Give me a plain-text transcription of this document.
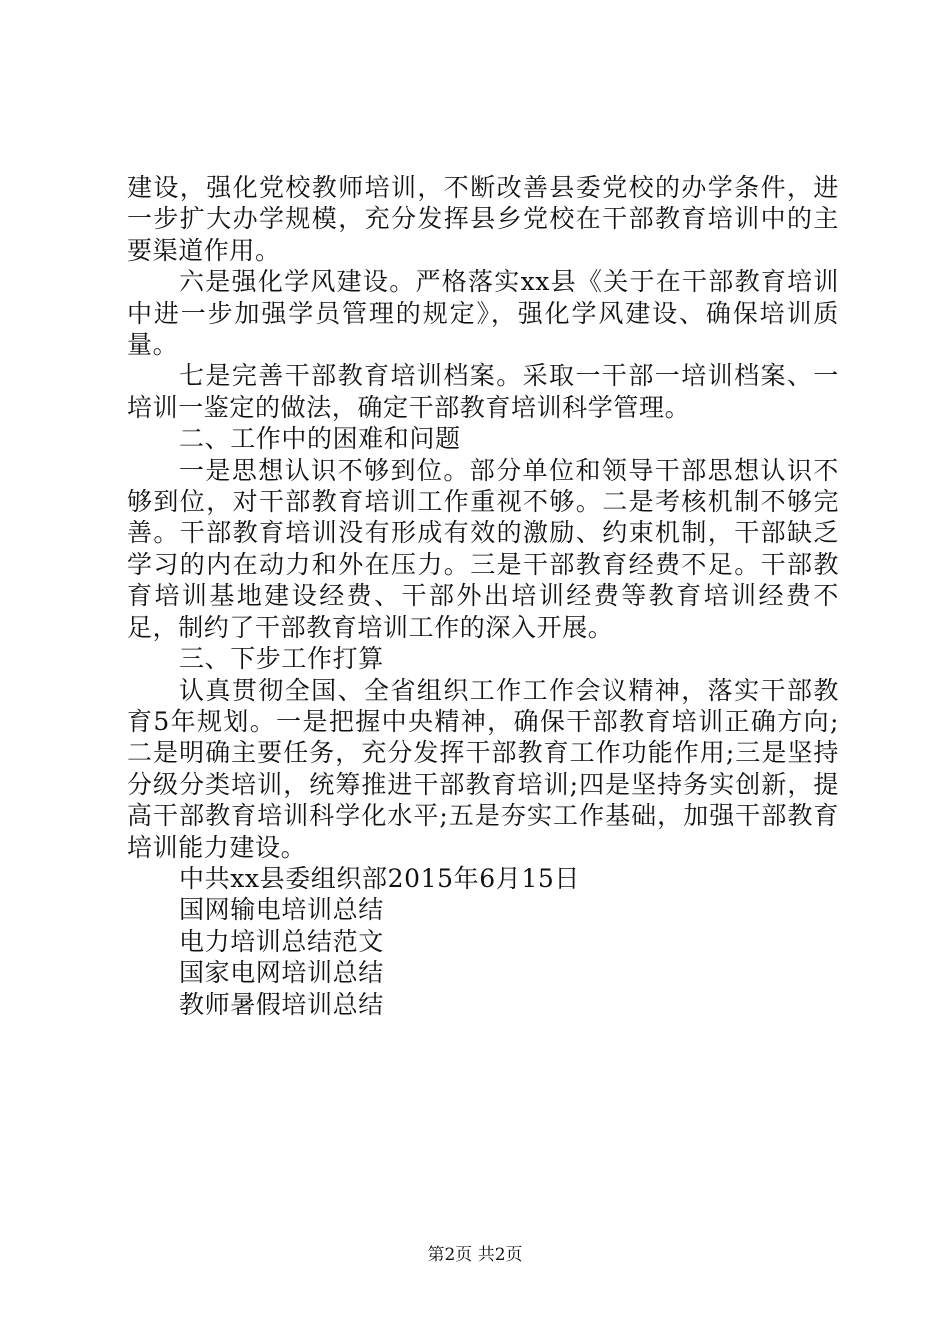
建设，强化党校教师培训，不断改善县委党校的办学条件，进一步扩大办学规模，充分发挥县乡党校在干部教育培训中的主要渠道作用。

六是强化学风建设。严格落实xx县《关于在干部教育培训中进一步加强学员管理的规定》，强化学风建设、确保培训质量。

七是完善干部教育培训档案。采取一干部一培训档案、一培训一鉴定的做法，确定干部教育培训科学管理。

二、工作中的困难和问题

一是思想认识不够到位。部分单位和领导干部思想认识不够到位，对干部教育培训工作重视不够。二是考核机制不够完善。干部教育培训没有形成有效的激励、约束机制，干部缺乏学习的内在动力和外在压力。三是干部教育经费不足。干部教育培训基地建设经费、干部外出培训经费等教育培训经费不足，制约了干部教育培训工作的深入开展。

三、下步工作打算

认真贯彻全国、全省组织工作工作会议精神，落实干部教育5年规划。一是把握中央精神，确保干部教育培训正确方向;二是明确主要任务，充分发挥干部教育工作功能作用;三是坚持分级分类培训，统筹推进干部教育培训;四是坚持务实创新，提高干部教育培训科学化水平;五是夯实工作基础，加强干部教育培训能力建设。

中共xx县委组织部2015年6月15日

国网输电培训总结

电力培训总结范文

国家电网培训总结

教师暑假培训总结

第2页 共2页
